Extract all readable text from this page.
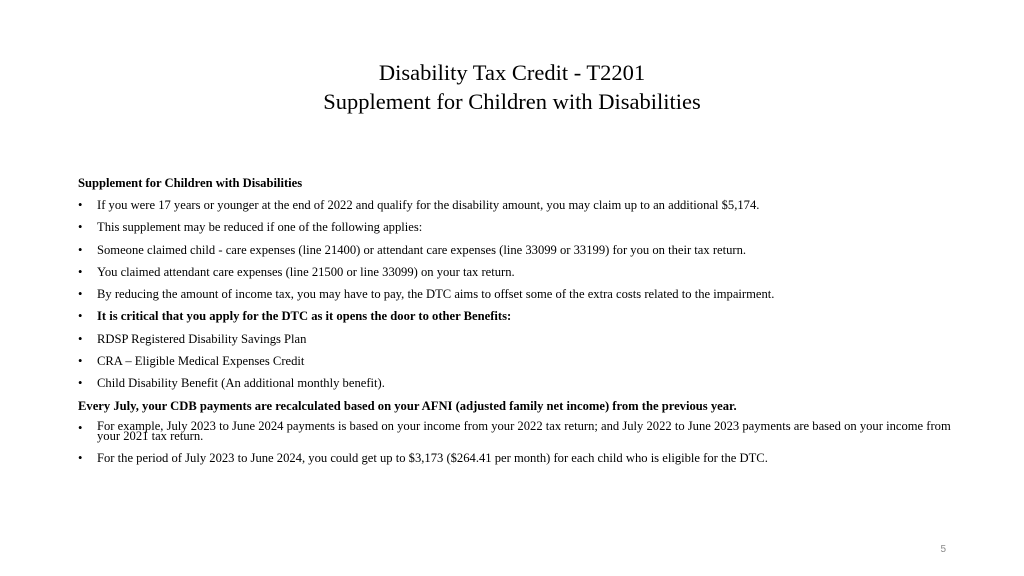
Disability Tax Credit - T2201
Supplement for Children with Disabilities
Supplement for Children with Disabilities
• If you were 17 years or younger at the end of 2022 and qualify for the disability amount, you may claim up to an additional $5,174.
• This supplement may be reduced if one of the following applies:
• Someone claimed child - care expenses (line 21400) or attendant care expenses (line 33099 or 33199) for you on their tax return.
• You claimed attendant care expenses (line 21500 or line 33099) on your tax return.
• By reducing the amount of income tax, you may have to pay, the DTC aims to offset some of the extra costs related to the impairment.
• It is critical that you apply for the DTC as it opens the door to other Benefits:
• RDSP Registered Disability Savings Plan
• CRA – Eligible Medical Expenses Credit
• Child Disability Benefit (An additional monthly benefit).
Every July, your CDB payments are recalculated based on your AFNI (adjusted family net income) from the previous year.
• For example, July 2023 to June 2024 payments is based on your income from your 2022 tax return; and July 2022 to June 2023 payments are based on your income from your 2021 tax return.
• For the period of July 2023 to June 2024, you could get up to $3,173 ($264.41 per month) for each child who is eligible for the DTC.
5
